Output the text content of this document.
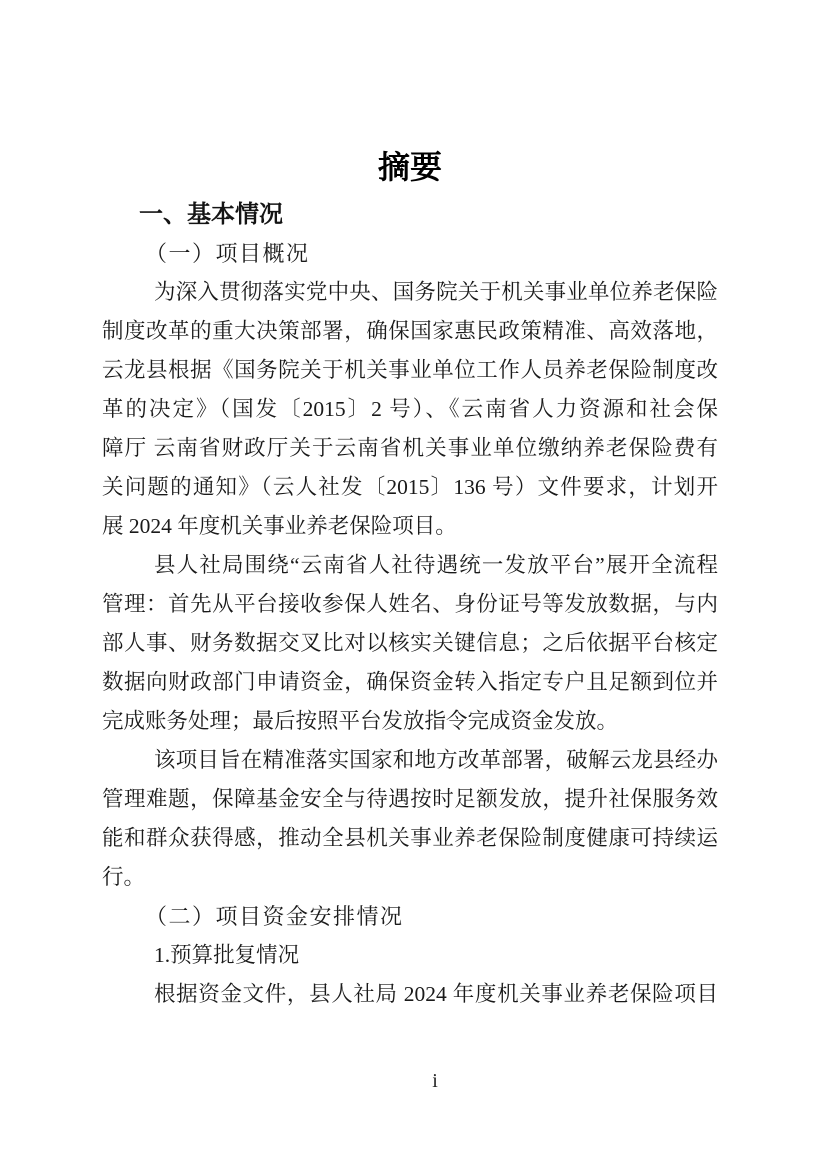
摘要
一、基本情况
（一）项目概况
为深入贯彻落实党中央、国务院关于机关事业单位养老保险
制度改革的重大决策部署，确保国家惠民政策精准、高效落地，
云龙县根据《国务院关于机关事业单位工作人员养老保险制度改
革的决定》（国发〔2015〕2 号）、《云南省人力资源和社会保
障厅 云南省财政厅关于云南省机关事业单位缴纳养老保险费有
关问题的通知》（云人社发〔2015〕136 号）文件要求，计划开
展 2024 年度机关事业养老保险项目。
县人社局围绕“云南省人社待遇统一发放平台”展开全流程
管理：首先从平台接收参保人姓名、身份证号等发放数据，与内
部人事、财务数据交叉比对以核实关键信息；之后依据平台核定
数据向财政部门申请资金，确保资金转入指定专户且足额到位并
完成账务处理；最后按照平台发放指令完成资金发放。
该项目旨在精准落实国家和地方改革部署，破解云龙县经办
管理难题，保障基金安全与待遇按时足额发放，提升社保服务效
能和群众获得感，推动全县机关事业养老保险制度健康可持续运
行。
（二）项目资金安排情况
1.预算批复情况
根据资金文件，县人社局 2024 年度机关事业养老保险项目
i
